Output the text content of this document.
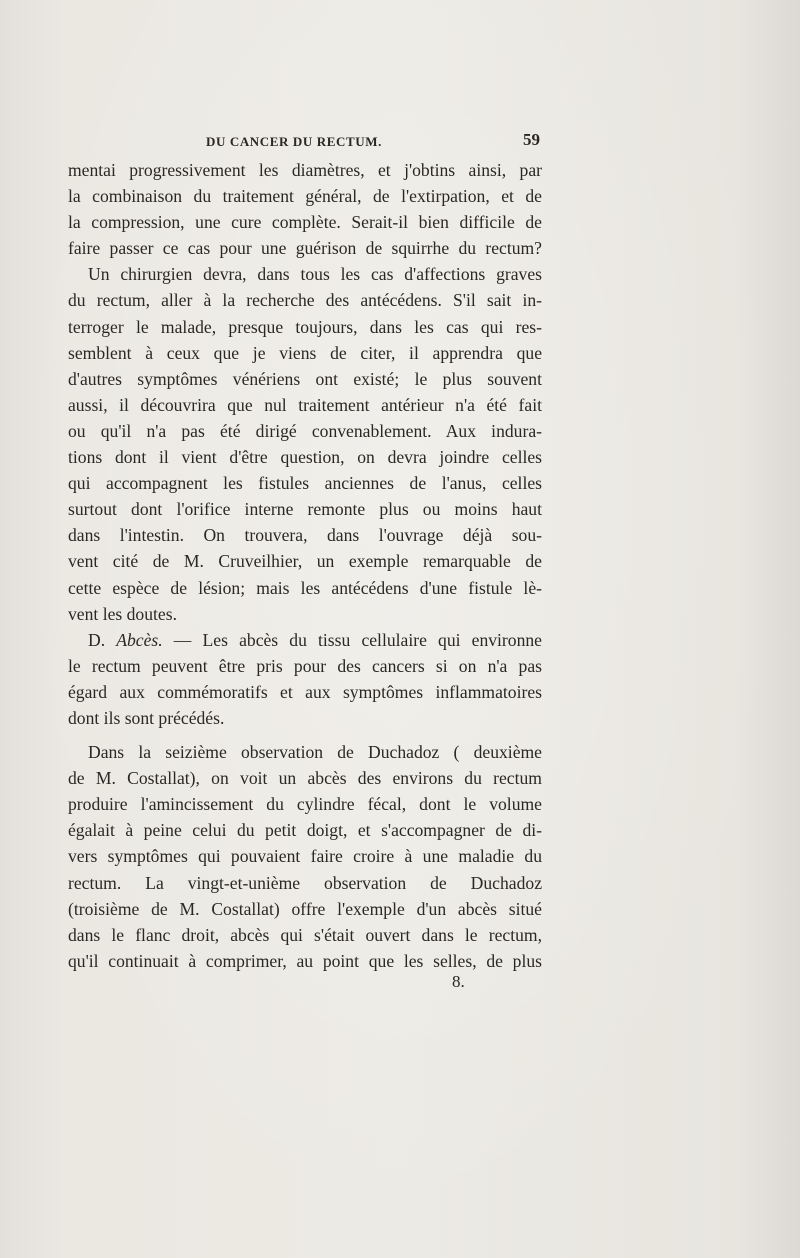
DU CANCER DU RECTUM.	59
mentai progressivement les diamètres, et j'obtins ainsi, par
la combinaison du traitement général, de l'extirpation, et de
la compression, une cure complète. Serait-il bien difficile de
faire passer ce cas pour une guérison de squirrhe du rectum?
Un chirurgien devra, dans tous les cas d'affections graves
du rectum, aller à la recherche des antécédens. S'il sait in-
terroger le malade, presque toujours, dans les cas qui res-
semblent à ceux que je viens de citer, il apprendra que
d'autres symptômes vénériens ont existé; le plus souvent
aussi, il découvrira que nul traitement antérieur n'a été fait
ou qu'il n'a pas été dirigé convenablement. Aux indura-
tions dont il vient d'être question, on devra joindre celles
qui accompagnent les fistules anciennes de l'anus, celles
surtout dont l'orifice interne remonte plus ou moins haut
dans l'intestin. On trouvera, dans l'ouvrage déjà sou-
vent cité de M. Cruveilhier, un exemple remarquable de
cette espèce de lésion; mais les antécédens d'une fistule lè-
vent les doutes.
D. Abcès. — Les abcès du tissu cellulaire qui environne
le rectum peuvent être pris pour des cancers si on n'a pas
égard aux commémoratifs et aux symptômes inflammatoires
dont ils sont précédés.
Dans la seizième observation de Duchadoz ( deuxième
de M. Costallat), on voit un abcès des environs du rectum
produire l'amincissement du cylindre fécal, dont le volume
égalait à peine celui du petit doigt, et s'accompagner de di-
vers symptômes qui pouvaient faire croire à une maladie du
rectum. La vingt-et-unième observation de Duchadoz
(troisième de M. Costallat) offre l'exemple d'un abcès situé
dans le flanc droit, abcès qui s'était ouvert dans le rectum,
qu'il continuait à comprimer, au point que les selles, de plus
8.
